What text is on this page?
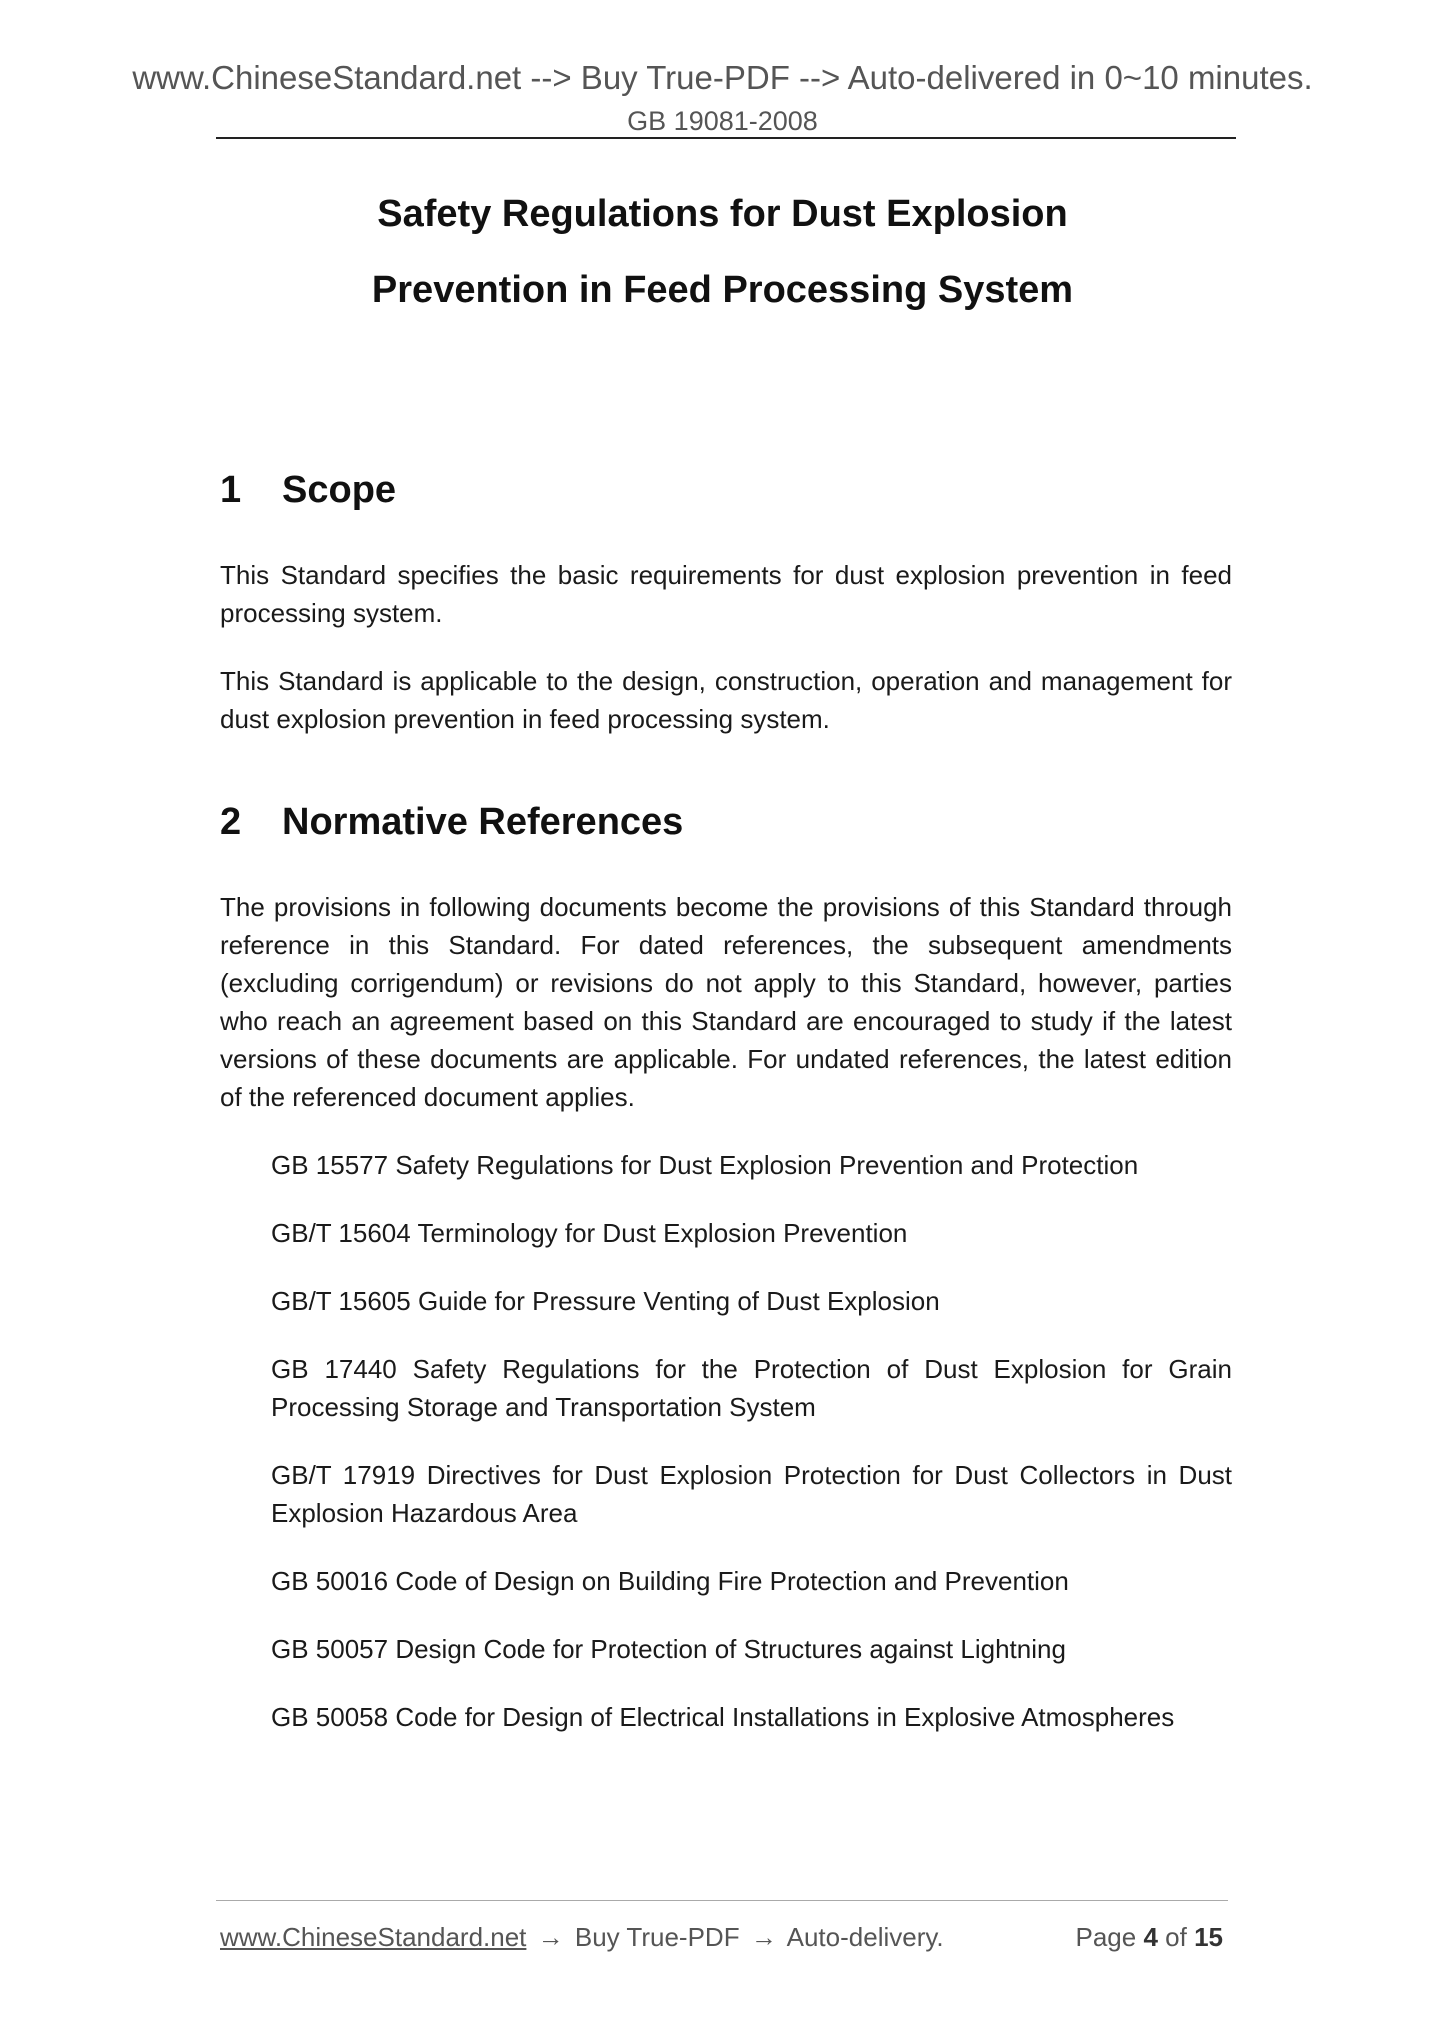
www.ChineseStandard.net --> Buy True-PDF --> Auto-delivered in 0~10 minutes.
GB 19081-2008
Safety Regulations for Dust Explosion
Prevention in Feed Processing System
1 Scope

This Standard specifies the basic requirements for dust explosion prevention in feed processing system.

This Standard is applicable to the design, construction, operation and management for dust explosion prevention in feed processing system.

2 Normative References

The provisions in following documents become the provisions of this Standard through reference in this Standard. For dated references, the subsequent amendments (excluding corrigendum) or revisions do not apply to this Standard, however, parties who reach an agreement based on this Standard are encouraged to study if the latest versions of these documents are applicable. For undated references, the latest edition of the referenced document applies.

GB 15577 Safety Regulations for Dust Explosion Prevention and Protection

GB/T 15604 Terminology for Dust Explosion Prevention

GB/T 15605 Guide for Pressure Venting of Dust Explosion

GB 17440 Safety Regulations for the Protection of Dust Explosion for Grain Processing Storage and Transportation System

GB/T 17919 Directives for Dust Explosion Protection for Dust Collectors in Dust Explosion Hazardous Area

GB 50016 Code of Design on Building Fire Protection and Prevention

GB 50057 Design Code for Protection of Structures against Lightning

GB 50058 Code for Design of Electrical Installations in Explosive Atmospheres

www.ChineseStandard.net → Buy True-PDF → Auto-delivery.	Page 4 of 15
